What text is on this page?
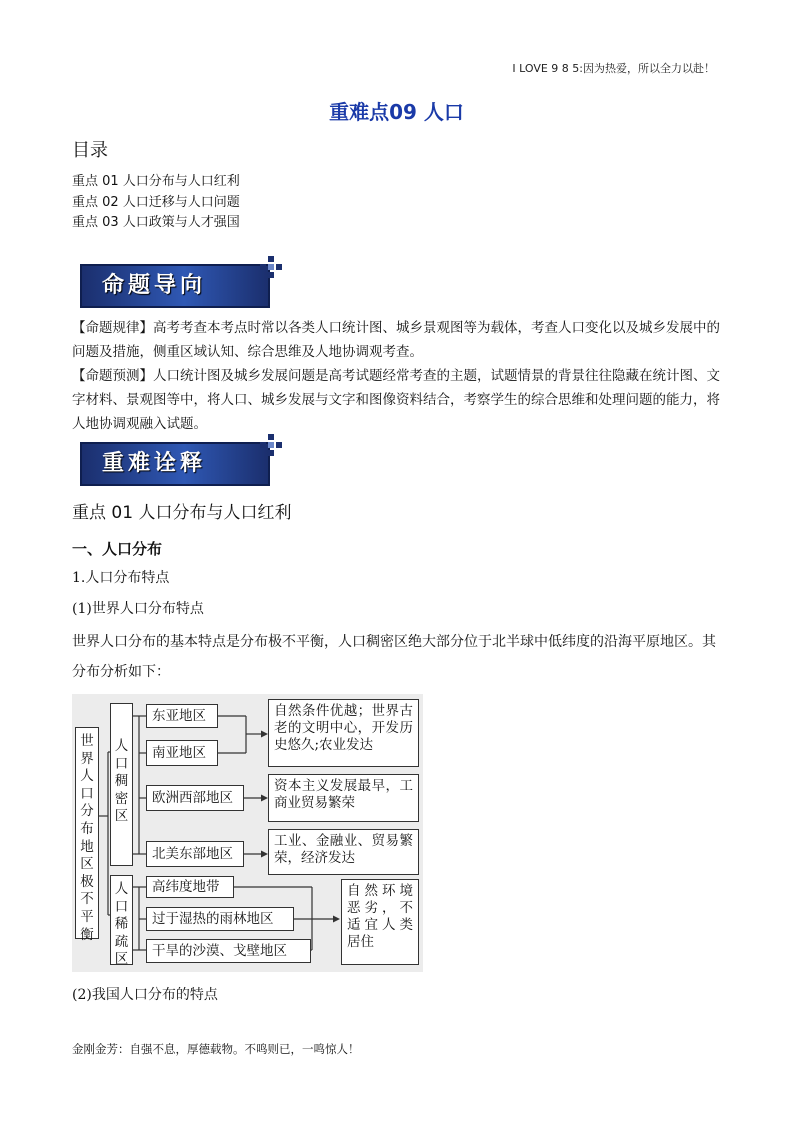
I LOVE 9 8 5:因为热爱，所以全力以赴！
重难点09 人口
目录
重点 01 人口分布与人口红利
重点 02 人口迁移与人口问题
重点 03 人口政策与人才强国
命题导向
【命题规律】高考考查本考点时常以各类人口统计图、城乡景观图等为载体，考查人口变化以及城乡发展中的问题及措施，侧重区域认知、综合思维及人地协调观考查。
【命题预测】人口统计图及城乡发展问题是高考试题经常考查的主题，试题情景的背景往往隐藏在统计图、文字材料、景观图等中，将人口、城乡发展与文字和图像资料结合，考察学生的综合思维和处理问题的能力，将人地协调观融入试题。
重难诠释
重点 01 人口分布与人口红利
一、人口分布
1.人口分布特点
(1)世界人口分布特点
世界人口分布的基本特点是分布极不平衡，人口稠密区绝大部分位于北半球中低纬度的沿海平原地区。其分布分析如下：
世界人口分布地区极不平衡
人口稠密区
人口稀疏区
东亚地区
南亚地区
欧洲西部地区
北美东部地区
高纬度地带
过于湿热的雨林地区
干旱的沙漠、戈壁地区
自然条件优越；世界古老的文明中心，开发历史悠久;农业发达
资本主义发展最早，工商业贸易繁荣
工业、金融业、贸易繁荣，经济发达
自然环境恶劣，不适宜人类居住
(2)我国人口分布的特点
金刚金芳：自强不息，厚德载物。不鸣则已，一鸣惊人！
